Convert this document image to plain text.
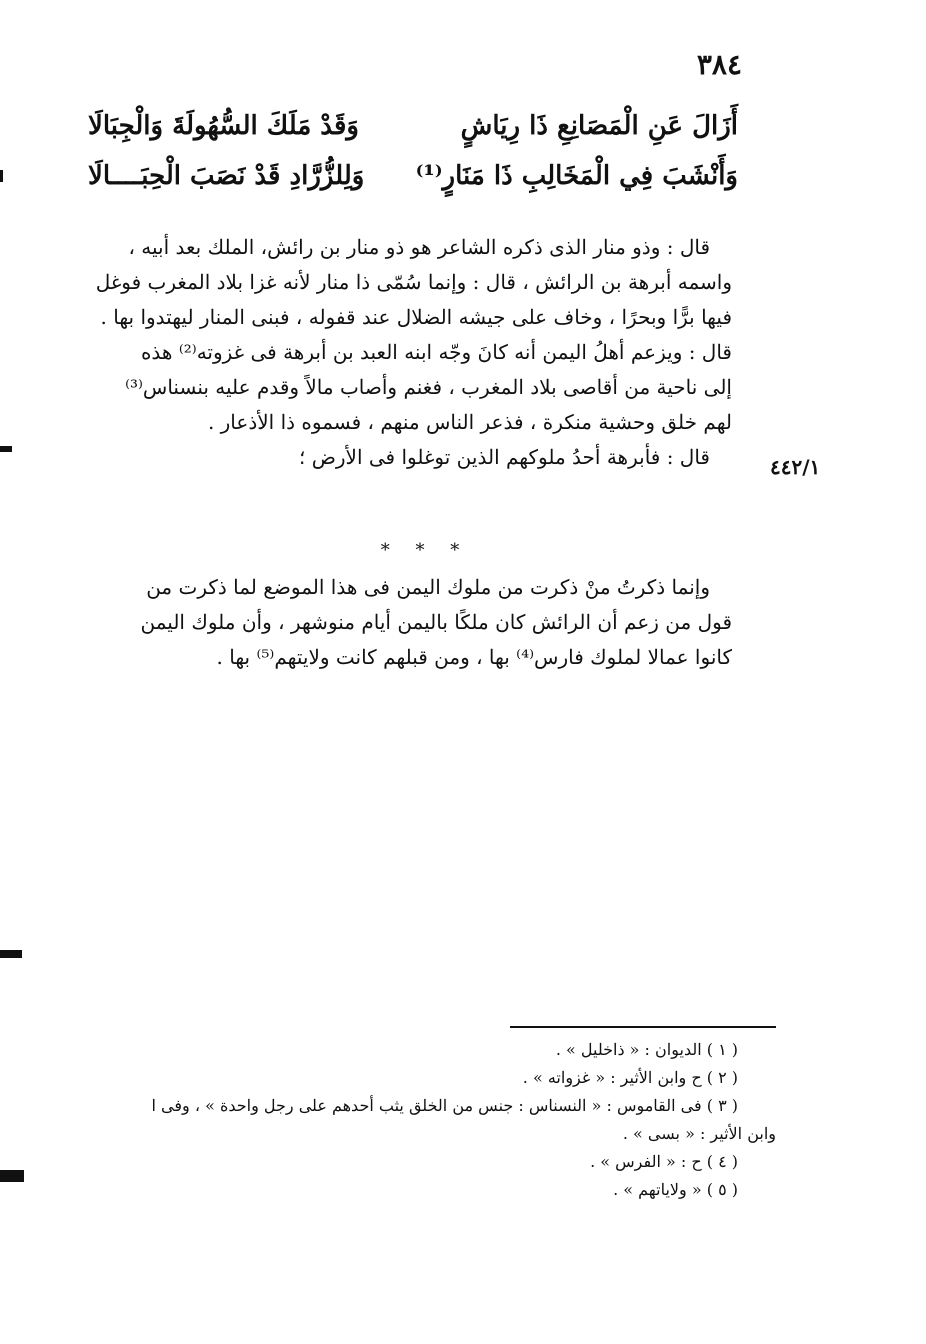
٣٨٤
أَزَالَ عَنِ الْمَصَانِعِ ذَا رِيَاشٍ
وَقَدْ مَلَكَ السُّهُولَةَ وَالْجِبَالَا
وَأَنْشَبَ فِي الْمَخَالِبِ ذَا مَنَارٍ⁽¹⁾
وَلِلزُّرَّادِ قَدْ نَصَبَ الْحِبَــــالَا

قال : وذو منار الذى ذكره الشاعر هو ذو منار بن رائش، الملك بعد أبيه ،

واسمه أبرهة بن الرائش ، قال : وإنما سُمّى ذا منار لأنه غزا بلاد المغرب فوغل

فيها برًّا وبحرًا ، وخاف على جيشه الضلال عند قفوله ، فبنى المنار ليهتدوا بها .

قال : ويزعم أهلُ اليمن أنه كانَ وجّه ابنه العبد بن أبرهة فى غزوته⁽²⁾ هذه

إلى ناحية من أقاصى بلاد المغرب ، فغنم وأصاب مالاً وقدم عليه بنسناس⁽³⁾

لهم خلق وحشية منكرة ، فذعر الناس منهم ، فسموه ذا الأذعار .

قال : فأبرهة أحدُ ملوكهم الذين توغلوا فى الأرض ؛	٤٤٢/١
* * *

وإنما ذكرتُ منْ ذكرت من ملوك اليمن فى هذا الموضع لما ذكرت من

قول من زعم أن الرائش كان ملكًا باليمن أيام منوشهر ، وأن ملوك اليمن

كانوا عمالا لملوك فارس⁽⁴⁾ بها ، ومن قبلهم كانت ولايتهم⁽⁵⁾ بها .

( ١ ) الديوان : « ذاخليل » .

( ٢ ) ح وابن الأثير : « غزواته » .

( ٣ ) فى القاموس : « النسناس : جنس من الخلق يثب أحدهم على رجل واحدة » ، وفى ا

وابن الأثير : « بسى » .

( ٤ ) ح : « الفرس » .

( ٥ ) « ولاياتهم » .
